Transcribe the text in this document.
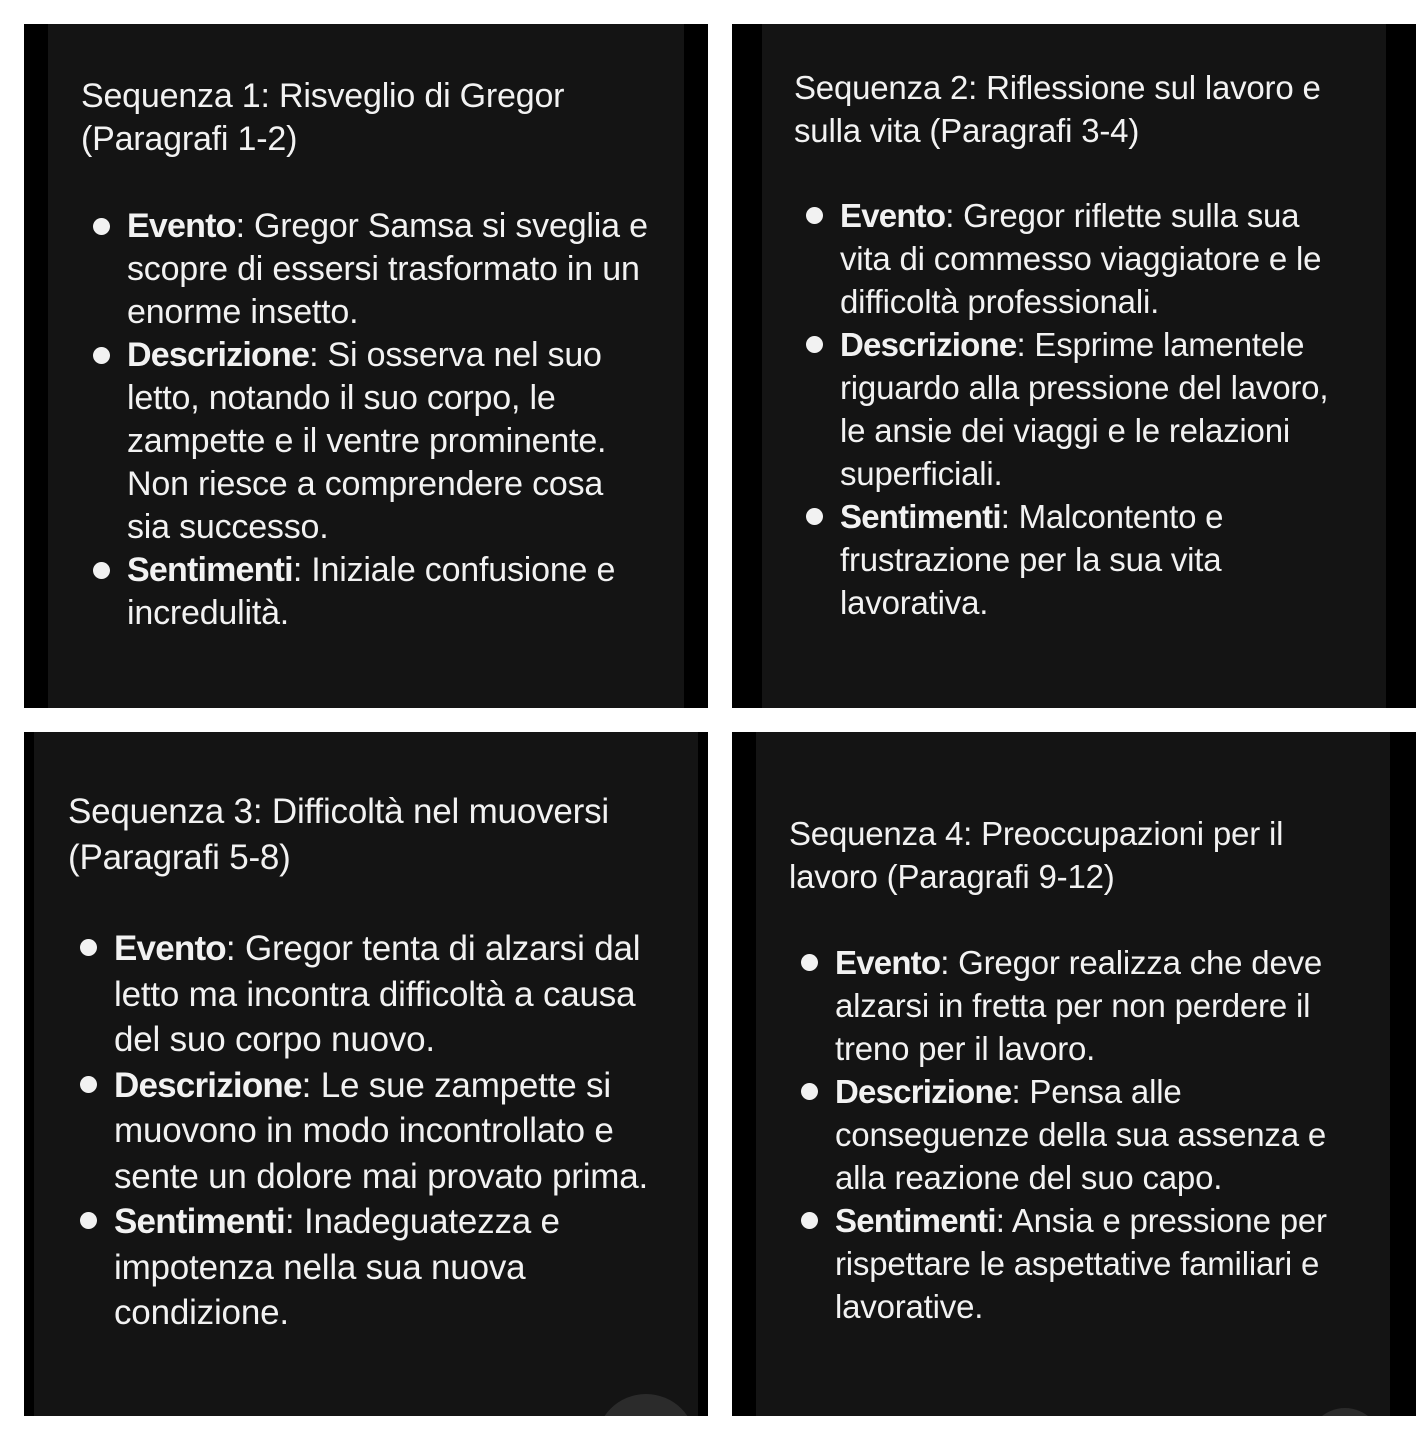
Sequenza 1: Risveglio di Gregor (Paragrafi 1-2)
Evento: Gregor Samsa si sveglia e scopre di essersi trasformato in un enorme insetto.
Descrizione: Si osserva nel suo letto, notando il suo corpo, le zampette e il ventre prominente. Non riesce a comprendere cosa sia successo.
Sentimenti: Iniziale confusione e incredulità.
Sequenza 2: Riflessione sul lavoro e sulla vita (Paragrafi 3-4)
Evento: Gregor riflette sulla sua vita di commesso viaggiatore e le difficoltà professionali.
Descrizione: Esprime lamentele riguardo alla pressione del lavoro, le ansie dei viaggi e le relazioni superficiali.
Sentimenti: Malcontento e frustrazione per la sua vita lavorativa.
Sequenza 3: Difficoltà nel muoversi (Paragrafi 5-8)
Evento: Gregor tenta di alzarsi dal letto ma incontra difficoltà a causa del suo corpo nuovo.
Descrizione: Le sue zampette si muovono in modo incontrollato e sente un dolore mai provato prima.
Sentimenti: Inadeguatezza e impotenza nella sua nuova condizione.
Sequenza 4: Preoccupazioni per il lavoro (Paragrafi 9-12)
Evento: Gregor realizza che deve alzarsi in fretta per non perdere il treno per il lavoro.
Descrizione: Pensa alle conseguenze della sua assenza e alla reazione del suo capo.
Sentimenti: Ansia e pressione per rispettare le aspettative familiari e lavorative.
